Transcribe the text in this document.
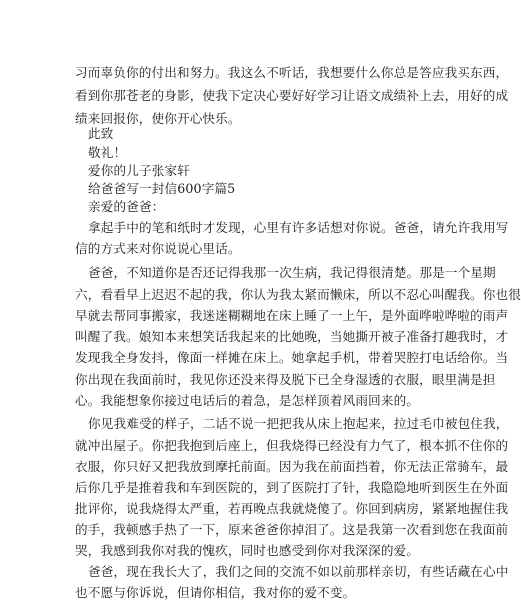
习而辜负你的付出和努力。我这么不听话，我想要什么你总是答应我买东西，
看到你那苍老的身影，使我下定决心要好好学习让语文成绩补上去，用好的成
绩来回报你，使你开心快乐。
此致
敬礼！
爱你的儿子张家轩
给爸爸写一封信600字篇5
亲爱的爸爸：
拿起手中的笔和纸时才发现，心里有许多话想对你说。爸爸，请允许我用写
信的方式来对你说说心里话。
爸爸，不知道你是否还记得我那一次生病，我记得很清楚。那是一个星期
六，看看早上迟迟不起的我，你认为我太紧而懒床，所以不忍心叫醒我。你也很
早就去帮同事搬家，我迷迷糊糊地在床上睡了一上午，是外面哗啦哗啦的雨声
叫醒了我。娘知本来想笑话我起来的比她晚，当她撕开被子准备打趣我时，才
发现我全身发抖，像面一样摊在床上。她拿起手机，带着哭腔打电话给你。当
你出现在我面前时，我见你还没来得及脱下已全身湿透的衣服，眼里满是担
心。我能想象你接过电话后的着急，是怎样顶着风雨回来的。
你见我难受的样子，二话不说一把把我从床上抱起来，拉过毛巾被包住我，
就冲出屋子。你把我抱到后座上，但我烧得已经没有力气了，根本抓不住你的
衣服，你只好又把我放到摩托前面。因为我在前面挡着，你无法正常骑车，最
后你几乎是推着我和车到医院的，到了医院打了针，我隐隐地听到医生在外面
批评你，说我烧得太严重，若再晚点我就烧傻了。你回到病房，紧紧地握住我
的手，我顿感手热了一下，原来爸爸你掉泪了。这是我第一次看到您在我面前
哭，我感到我你对我的愧疚，同时也感受到你对我深深的爱。
爸爸，现在我长大了，我们之间的交流不如以前那样亲切，有些话藏在心中
也不愿与你诉说，但请你相信，我对你的爱不变。
